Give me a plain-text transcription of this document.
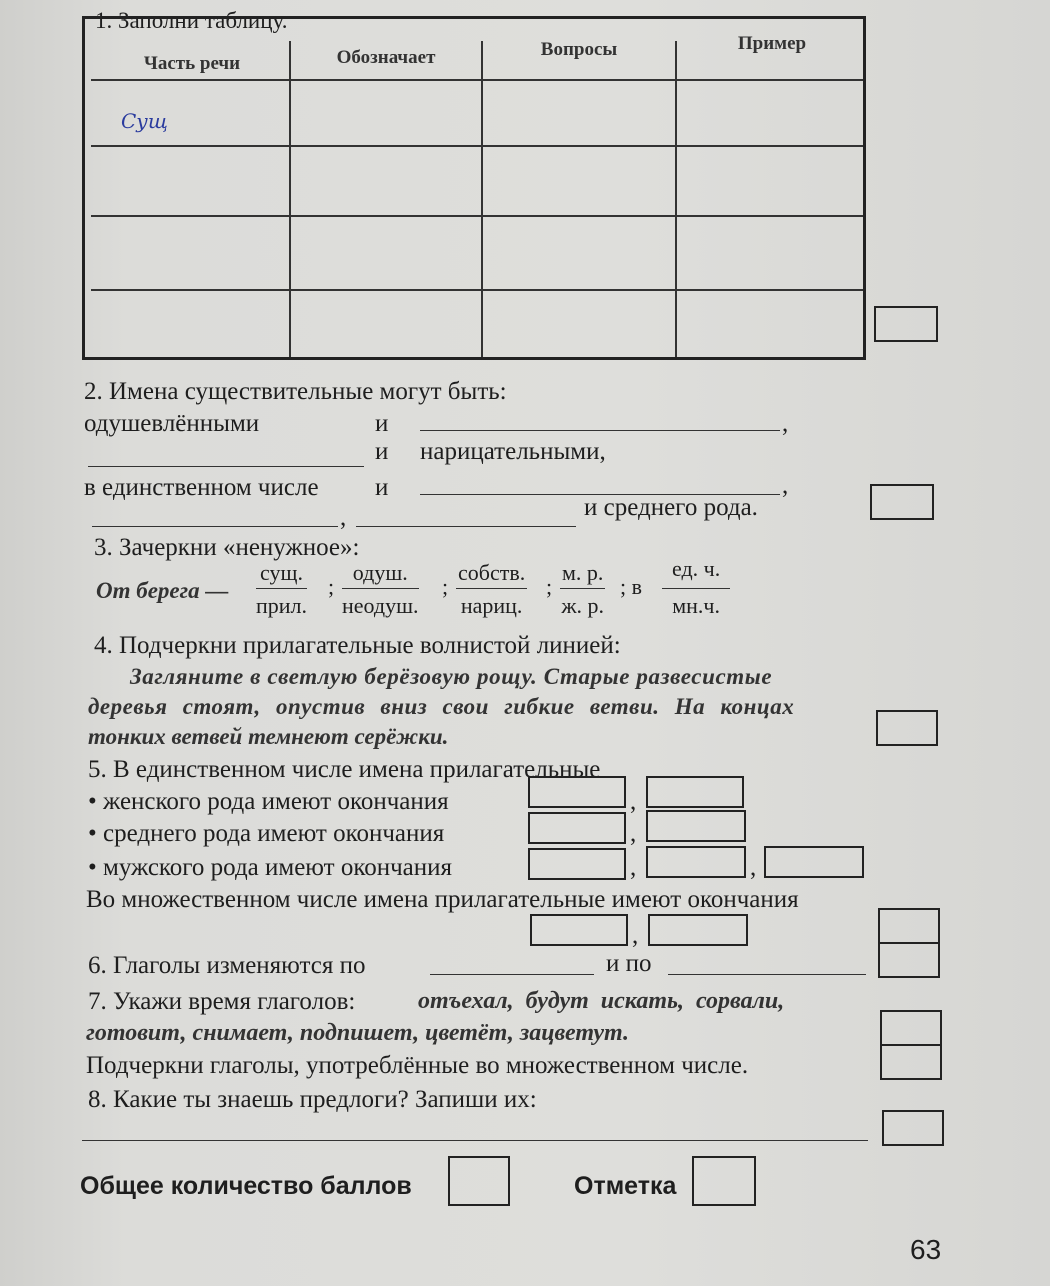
1. Заполни таблицу.
Часть речи	Обозначает	Вопросы	Пример
Сущ
2. Имена существительные могут быть:
одушевлёнными	и	,
и нарицательными,
в единственном числе и	,
,	и среднего рода.
3. Зачеркни «ненужное»:
От берега —
сущ.
прил.
;
одуш.
неодуш.
;
собств.
нариц.
;
м. р.
ж. р.
; в
ед. ч.
мн.ч.
4. Подчеркни прилагательные волнистой линией:
Загляните в светлую берёзовую рощу. Старые развесистые
деревья стоят, опустив вниз свои гибкие ветви. На концах
тонких ветвей темнеют серёжки.
5. В единственном числе имена прилагательные
• женского рода имеют окончания	,
• среднего рода имеют окончания	,
• мужского рода имеют окончания	,	,
Во множественном числе имена прилагательные имеют окончания
,
6. Глаголы изменяются по	и по
7. Укажи время глаголов:	отъехал, будут искать, сорвали,
готовит, снимает, подпишет, цветёт, зацветут.
Подчеркни глаголы, употреблённые во множественном числе.
8. Какие ты знаешь предлоги? Запиши их:
Общее количество баллов	Отметка
63
